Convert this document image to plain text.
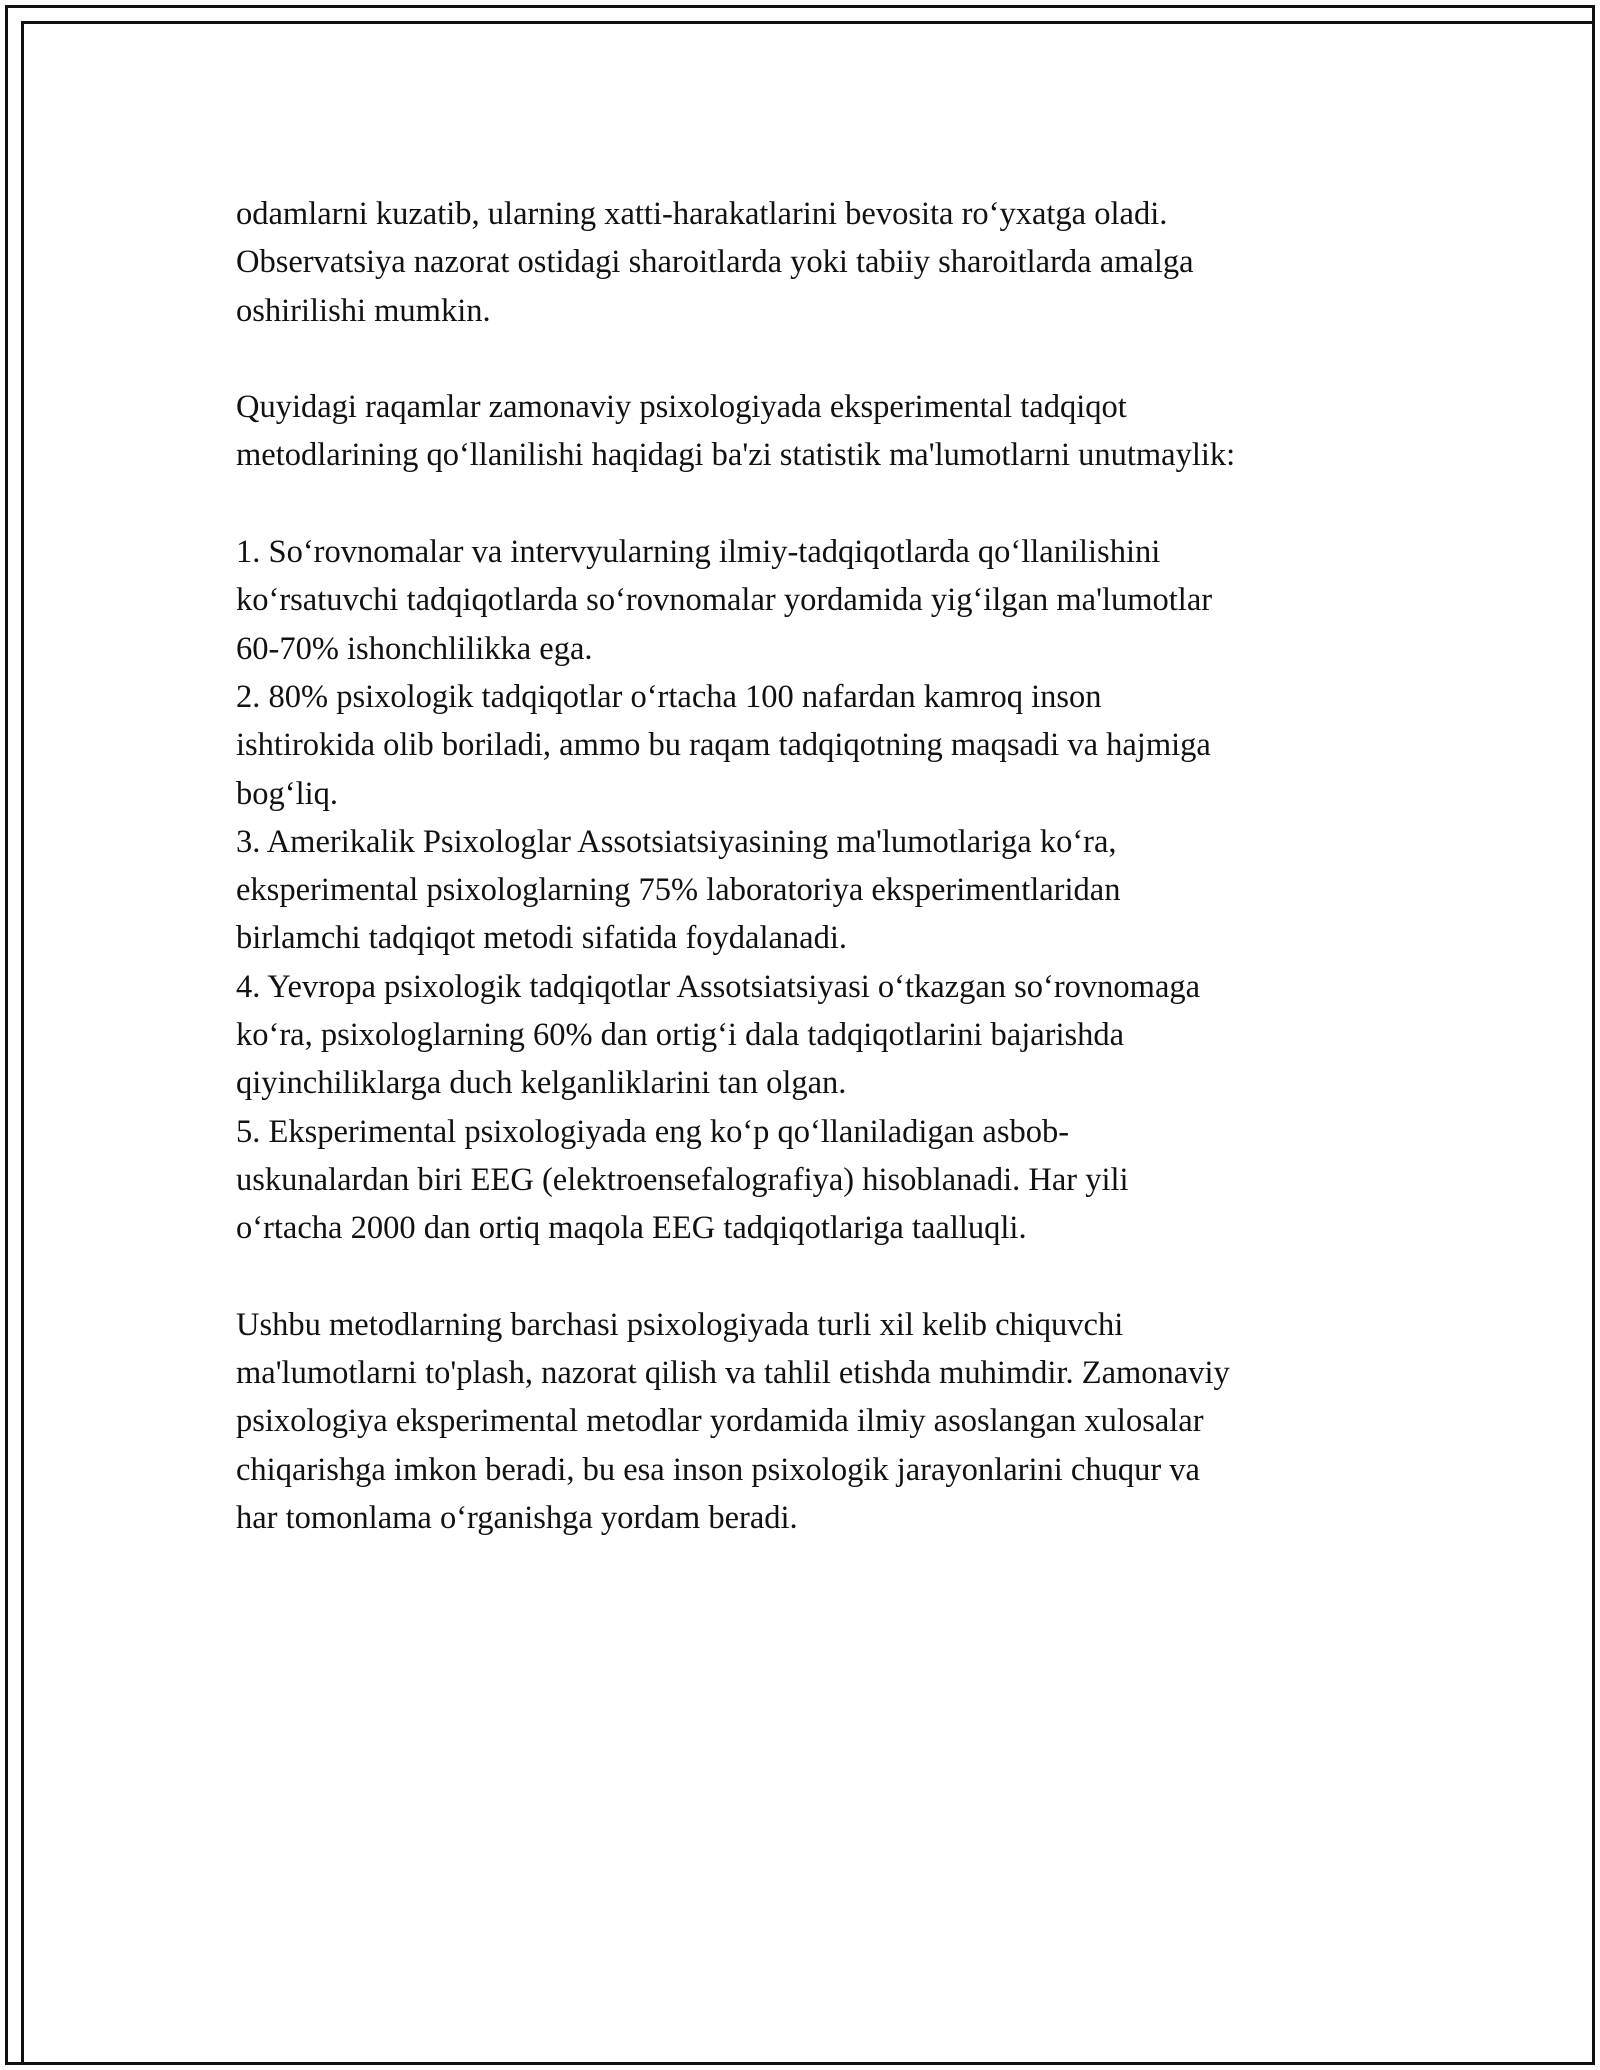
odamlarni kuzatib, ularning xatti-harakatlarini bevosita ro‘yxatga oladi.
Observatsiya nazorat ostidagi sharoitlarda yoki tabiiy sharoitlarda amalga
oshirilishi mumkin.
Quyidagi raqamlar zamonaviy psixologiyada eksperimental tadqiqot
metodlarining qo‘llanilishi haqidagi ba'zi statistik ma'lumotlarni unutmaylik:
1. So‘rovnomalar va intervyularning ilmiy-tadqiqotlarda qo‘llanilishini
ko‘rsatuvchi tadqiqotlarda so‘rovnomalar yordamida yig‘ilgan ma'lumotlar
60-70% ishonchlilikka ega.
2. 80% psixologik tadqiqotlar o‘rtacha 100 nafardan kamroq inson
ishtirokida olib boriladi, ammo bu raqam tadqiqotning maqsadi va hajmiga
bog‘liq.
3. Amerikalik Psixologlar Assotsiatsiyasining ma'lumotlariga ko‘ra,
eksperimental psixologlarning 75% laboratoriya eksperimentlaridan
birlamchi tadqiqot metodi sifatida foydalanadi.
4. Yevropa psixologik tadqiqotlar Assotsiatsiyasi o‘tkazgan so‘rovnomaga
ko‘ra, psixologlarning 60% dan ortig‘i dala tadqiqotlarini bajarishda
qiyinchiliklarga duch kelganliklarini tan olgan.
5. Eksperimental psixologiyada eng ko‘p qo‘llaniladigan asbob-
uskunalardan biri EEG (elektroensefalografiya) hisoblanadi. Har yili
o‘rtacha 2000 dan ortiq maqola EEG tadqiqotlariga taalluqli.
Ushbu metodlarning barchasi psixologiyada turli xil kelib chiquvchi
ma'lumotlarni to'plash, nazorat qilish va tahlil etishda muhimdir. Zamonaviy
psixologiya eksperimental metodlar yordamida ilmiy asoslangan xulosalar
chiqarishga imkon beradi, bu esa inson psixologik jarayonlarini chuqur va
har tomonlama o‘rganishga yordam beradi.
